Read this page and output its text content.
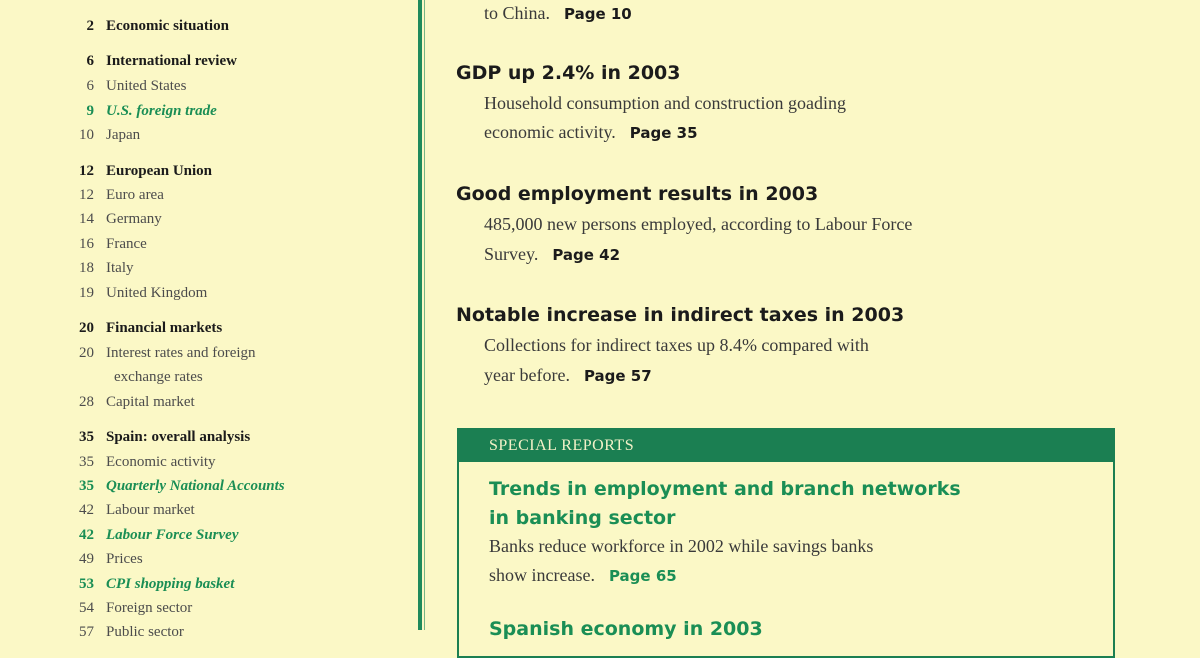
2 Economic situation
6 International review
6 United States
9 U.S. foreign trade
10 Japan
12 European Union
12 Euro area
14 Germany
16 France
18 Italy
19 United Kingdom
20 Financial markets
20 Interest rates and foreign
exchange rates
28 Capital market
35 Spain: overall analysis
35 Economic activity
35 Quarterly National Accounts
42 Labour market
42 Labour Force Survey
49 Prices
53 CPI shopping basket
54 Foreign sector
57 Public sector
to China. Page 10
GDP up 2.4% in 2003
Household consumption and construction goading
economic activity. Page 35
Good employment results in 2003
485,000 new persons employed, according to Labour Force
Survey. Page 42
Notable increase in indirect taxes in 2003
Collections for indirect taxes up 8.4% compared with
year before. Page 57
SPECIAL REPORTS
Trends in employment and branch networks
in banking sector
Banks reduce workforce in 2002 while savings banks
show increase. Page 65
Spanish economy in 2003
